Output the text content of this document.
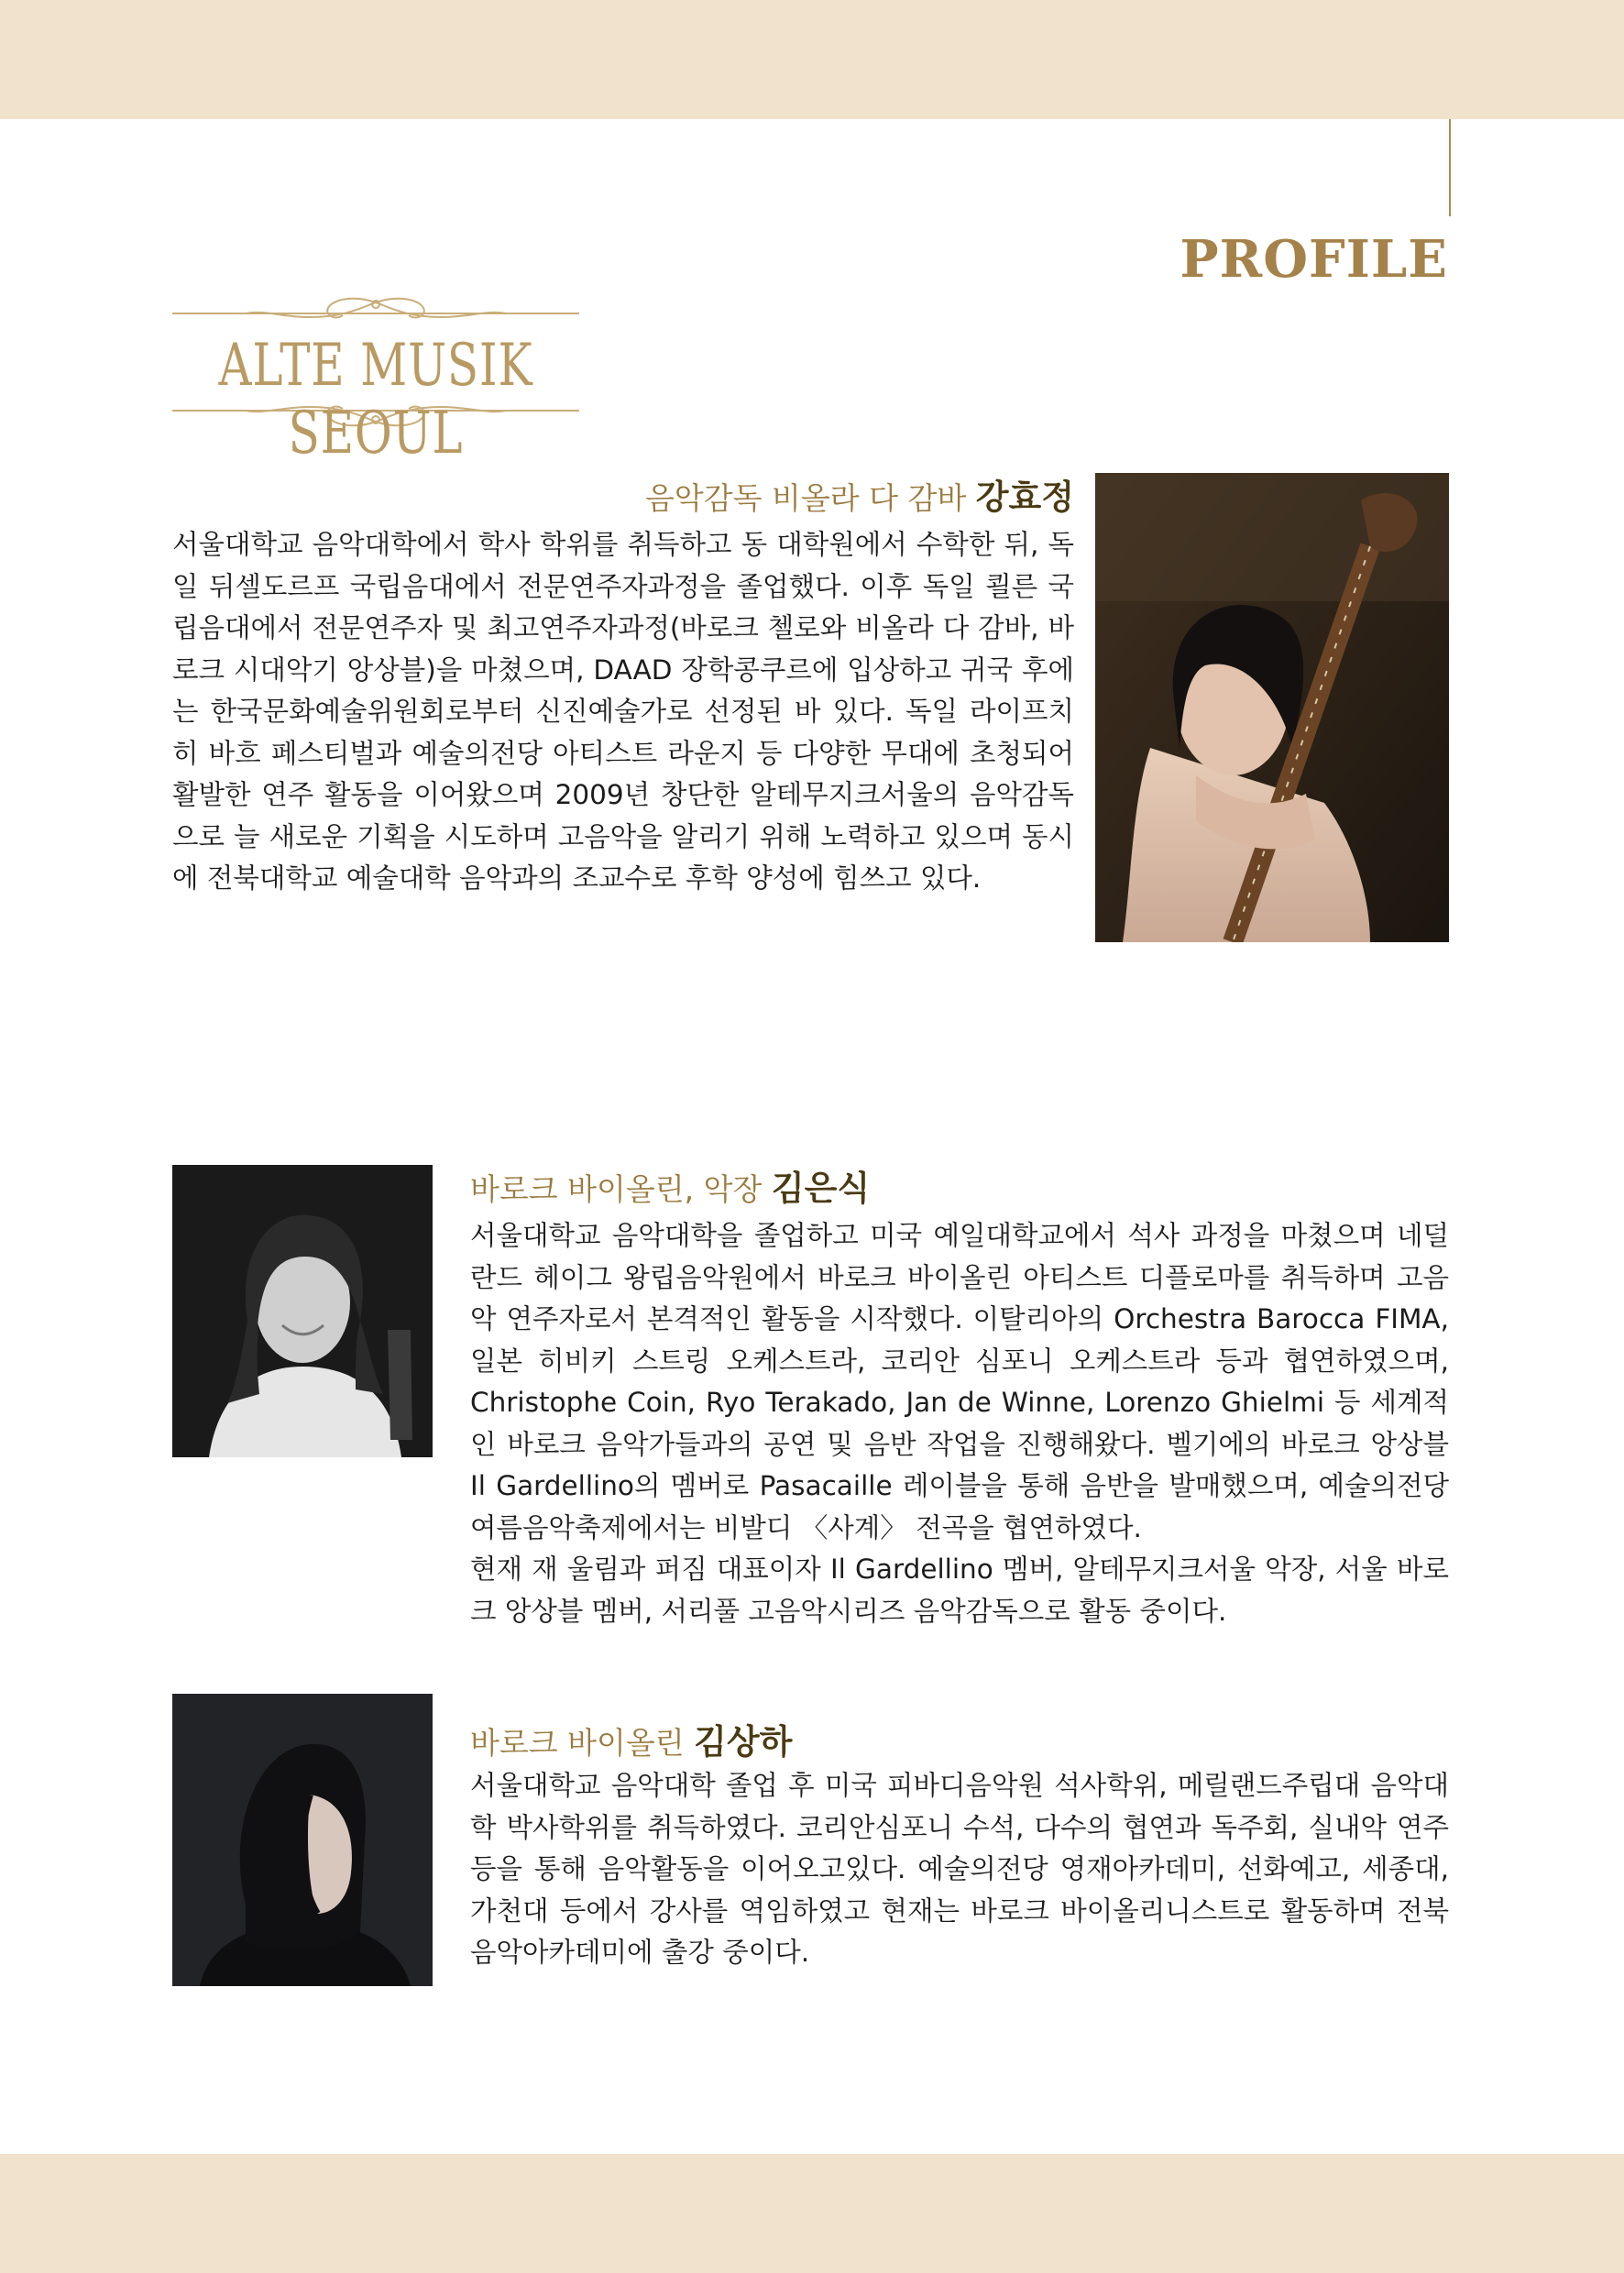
PROFILE
ALTE MUSIK SEOUL
음악감독 비올라 다 감바 강효정

서울대학교 음악대학에서 학사 학위를 취득하고 동 대학원에서 수학한 뒤, 독일 뒤셀도르프 국립음대에서 전문연주자과정을 졸업했다. 이후 독일 쾰른 국립음대에서 전문연주자 및 최고연주자과정(바로크 첼로와 비올라 다 감바, 바로크 시대악기 앙상블)을 마쳤으며, DAAD 장학콩쿠르에 입상하고 귀국 후에는 한국문화예술위원회로부터 신진예술가로 선정된 바 있다. 독일 라이프치히 바흐 페스티벌과 예술의전당 아티스트 라운지 등 다양한 무대에 초청되어 활발한 연주 활동을 이어왔으며 2009년 창단한 알테무지크서울의 음악감독으로 늘 새로운 기획을 시도하며 고음악을 알리기 위해 노력하고 있으며 동시에 전북대학교 예술대학 음악과의 조교수로 후학 양성에 힘쓰고 있다.

바로크 바이올린, 악장 김은식

서울대학교 음악대학을 졸업하고 미국 예일대학교에서 석사 과정을 마쳤으며 네덜란드 헤이그 왕립음악원에서 바로크 바이올린 아티스트 디플로마를 취득하며 고음악 연주자로서 본격적인 활동을 시작했다. 이탈리아의 Orchestra Barocca FIMA, 일본 히비키 스트링 오케스트라, 코리안 심포니 오케스트라 등과 협연하였으며, Christophe Coin, Ryo Terakado, Jan de Winne, Lorenzo Ghielmi 등 세계적인 바로크 음악가들과의 공연 및 음반 작업을 진행해왔다. 벨기에의 바로크 앙상블 Il Gardellino의 멤버로 Pasacaille 레이블을 통해 음반을 발매했으며, 예술의전당 여름음악축제에서는 비발디 〈사계〉 전곡을 협연하였다.

현재 재 울림과 퍼짐 대표이자 Il Gardellino 멤버, 알테무지크서울 악장, 서울 바로크 앙상블 멤버, 서리풀 고음악시리즈 음악감독으로 활동 중이다.

바로크 바이올린 김상하

서울대학교 음악대학 졸업 후 미국 피바디음악원 석사학위, 메릴랜드주립대 음악대학 박사학위를 취득하였다. 코리안심포니 수석, 다수의 협연과 독주회, 실내악 연주 등을 통해 음악활동을 이어오고있다. 예술의전당 영재아카데미, 선화예고, 세종대, 가천대 등에서 강사를 역임하였고 현재는 바로크 바이올리니스트로 활동하며 전북음악아카데미에 출강 중이다.
